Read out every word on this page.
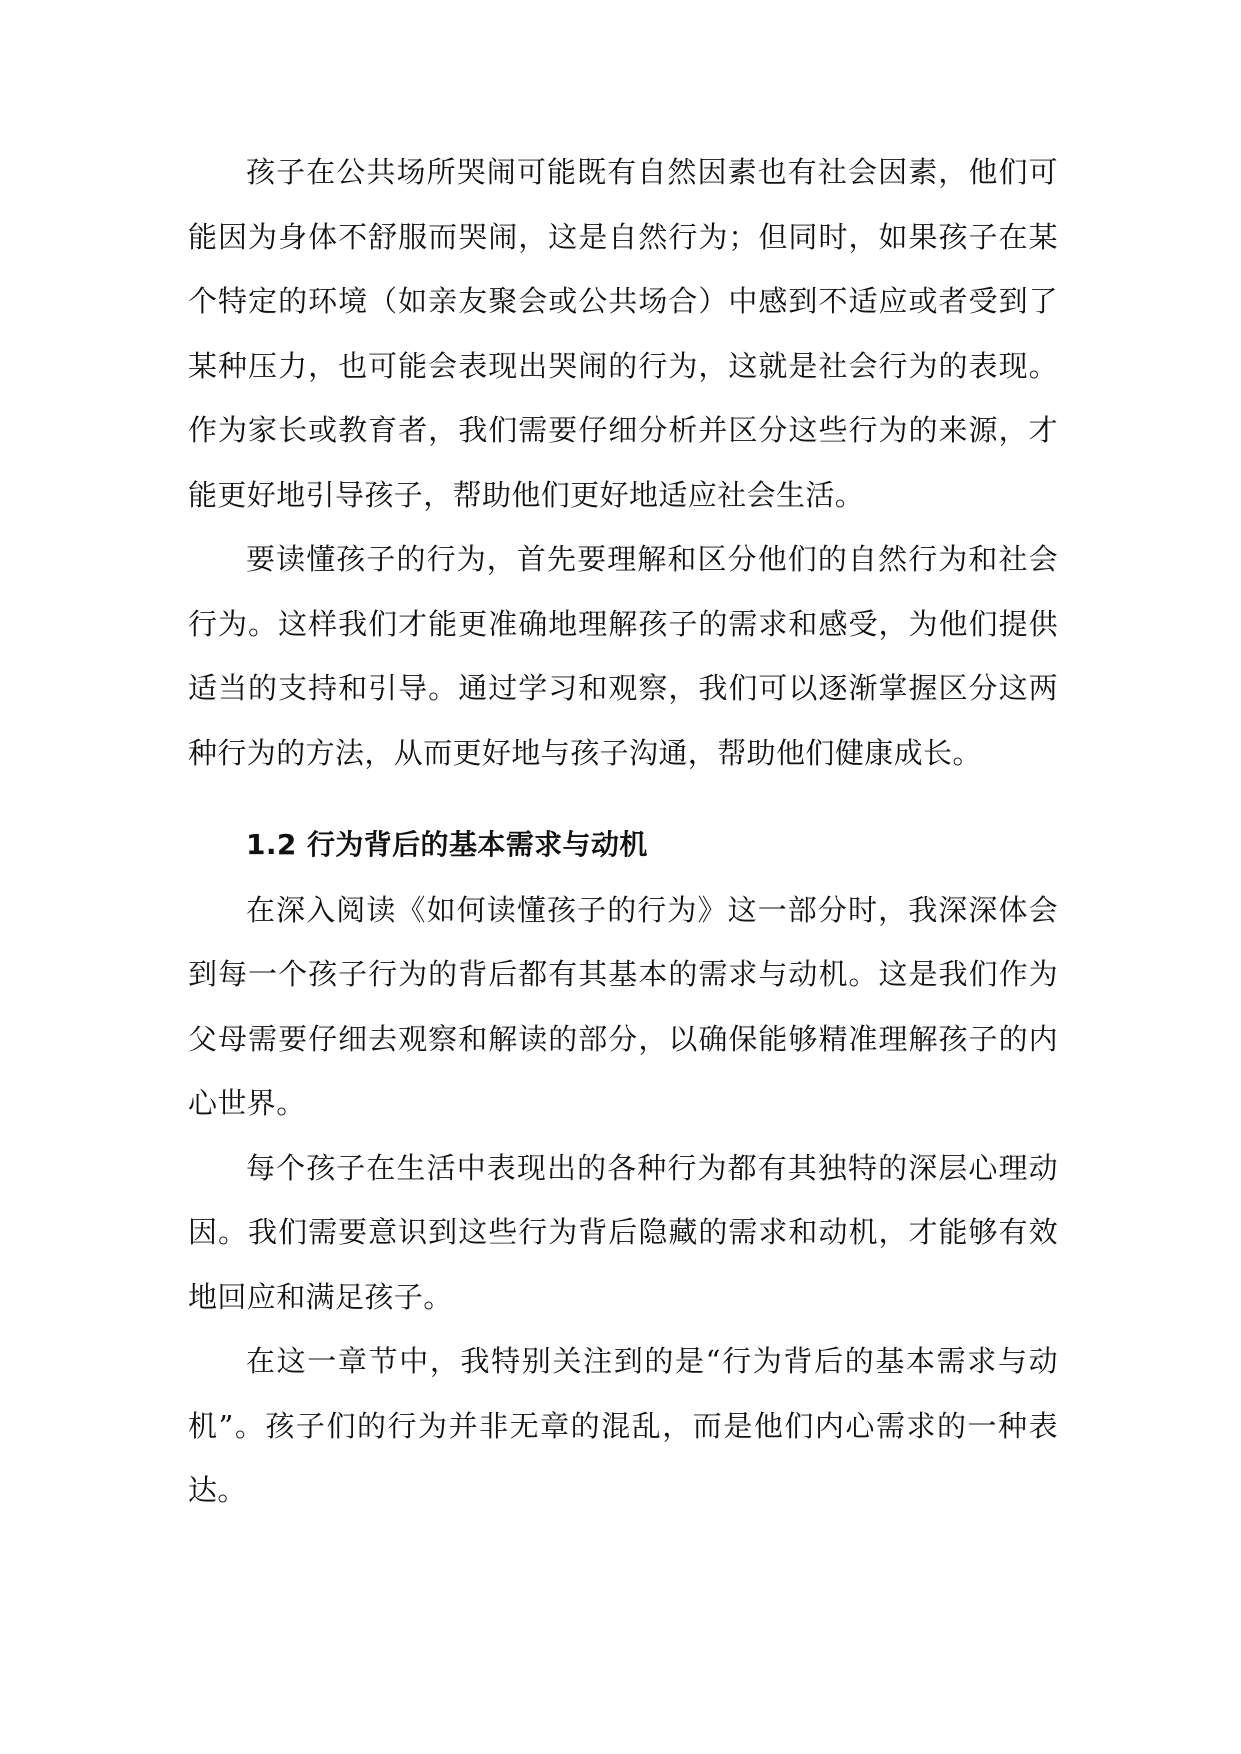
孩子在公共场所哭闹可能既有自然因素也有社会因素，他们可能因为身体不舒服而哭闹，这是自然行为；但同时，如果孩子在某个特定的环境（如亲友聚会或公共场合）中感到不适应或者受到了某种压力，也可能会表现出哭闹的行为，这就是社会行为的表现。作为家长或教育者，我们需要仔细分析并区分这些行为的来源，才能更好地引导孩子，帮助他们更好地适应社会生活。

要读懂孩子的行为，首先要理解和区分他们的自然行为和社会行为。这样我们才能更准确地理解孩子的需求和感受，为他们提供适当的支持和引导。通过学习和观察，我们可以逐渐掌握区分这两种行为的方法，从而更好地与孩子沟通，帮助他们健康成长。

1.2 行为背后的基本需求与动机

在深入阅读《如何读懂孩子的行为》这一部分时，我深深体会到每一个孩子行为的背后都有其基本的需求与动机。这是我们作为父母需要仔细去观察和解读的部分，以确保能够精准理解孩子的内心世界。

每个孩子在生活中表现出的各种行为都有其独特的深层心理动因。我们需要意识到这些行为背后隐藏的需求和动机，才能够有效地回应和满足孩子。

在这一章节中，我特别关注到的是“行为背后的基本需求与动机”。孩子们的行为并非无章的混乱，而是他们内心需求的一种表达。
